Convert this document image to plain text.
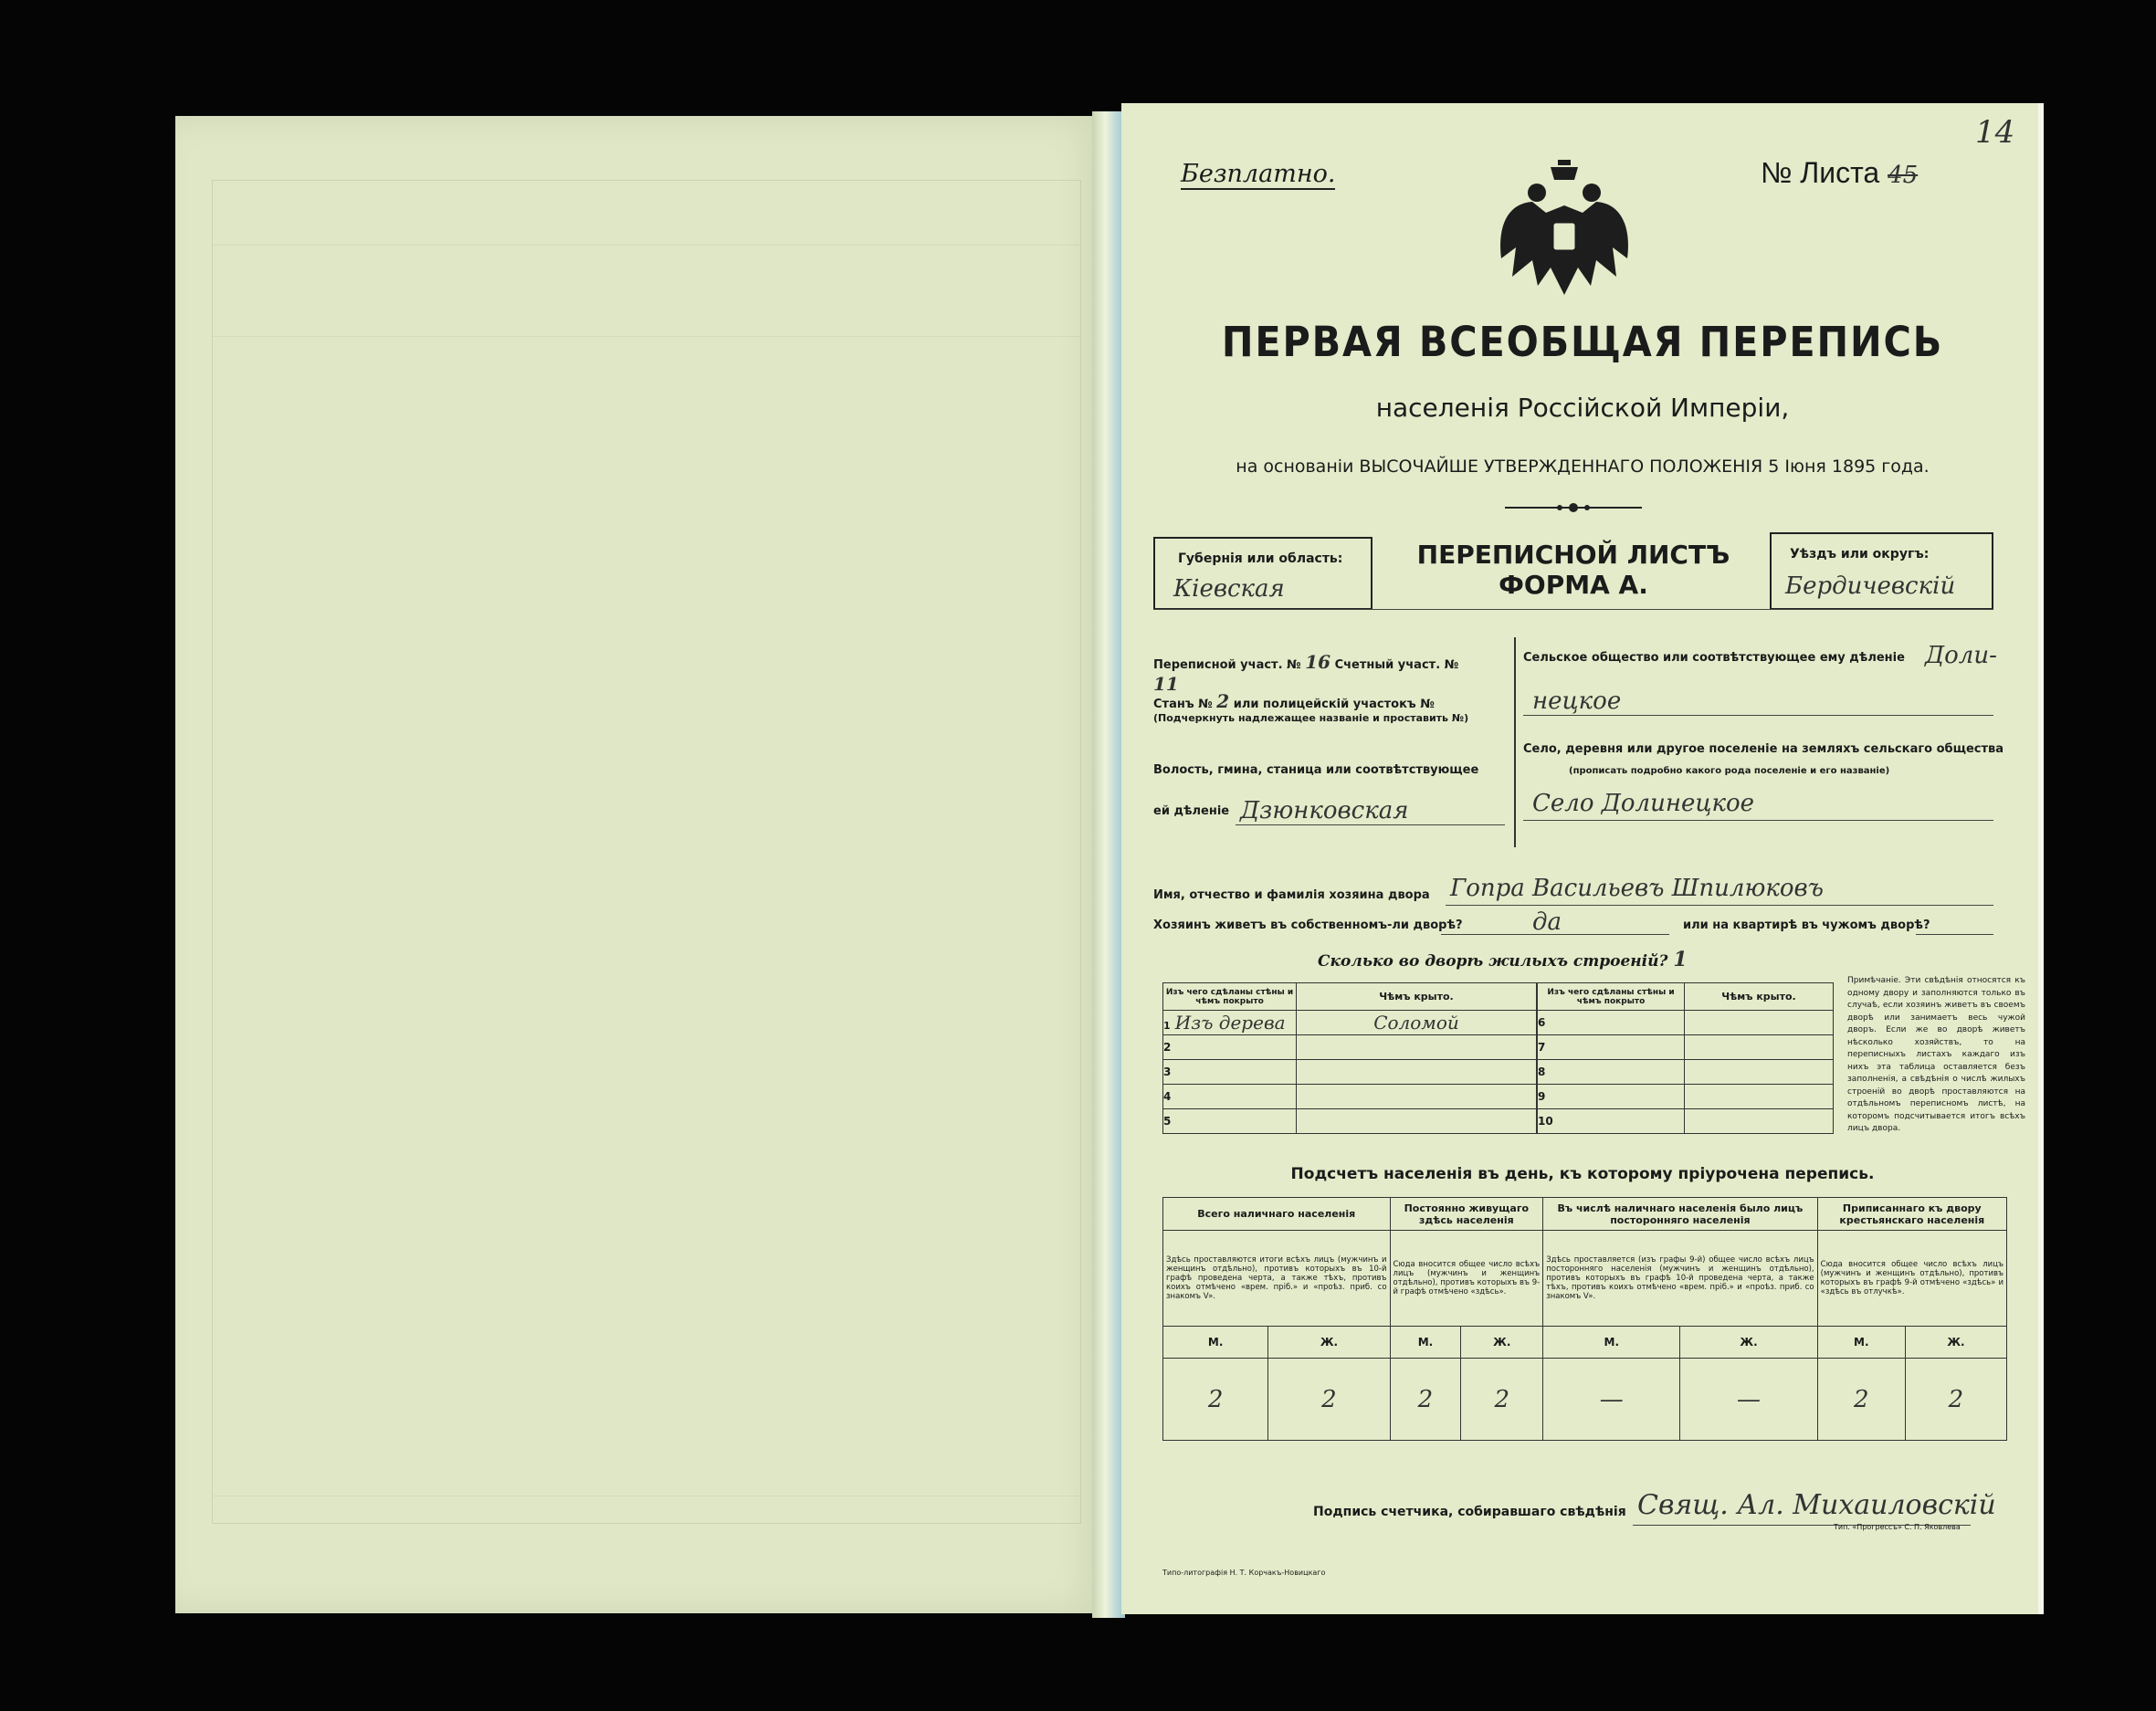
Безплатно.	№ Листа 45
14
ПЕРВАЯ ВСЕОБЩАЯ ПЕРЕПИСЬ
населенія Россійской Имперіи,
на основаніи ВЫСОЧАЙШЕ УТВЕРЖДЕННАГО ПОЛОЖЕНІЯ 5 Іюня 1895 года.
Губернія или область:
Кіевская
ПЕРЕПИСНОЙ ЛИСТЪ
ФОРМА А.
Уѣздъ или округъ:
Бердичевскій
Переписной участ. № 16 Счетный участ. № 11
Станъ № 2 или полицейскій участокъ №
(Подчеркнуть надлежащее названіе и проставить №)
Волость, гмина, станица или соотвѣтствующее
ей дѣленіе Дзюнковская
Сельское общество или соотвѣтствующее ему дѣленіе Доли-
нецкое
Село, деревня или другое поселеніе на земляхъ сельскаго общества
(прописать подробно какого рода поселеніе и его названіе)
Село Долинецкое
Имя, отчество и фамилія хозяина двора Гопра Васильевъ Шпилюковъ
Хозяинъ живетъ въ собственномъ-ли дворѣ?	да	или на квартирѣ въ чужомъ дворѣ?
Сколько во дворѣ жилыхъ строеній? 1
Изъ чего сдѣланы стѣны и чѣмъ покрыто	Чѣмъ крыто.
1 Изъ дерева	Соломой
2	
3	
4	
5	
Изъ чего сдѣланы стѣны и чѣмъ покрыто	Чѣмъ крыто.
6	
7	
8	
9	
10	
Примѣчаніе. Эти свѣдѣнія относятся къ одному двору и заполняются только въ случаѣ, если хозяинъ живетъ въ своемъ дворѣ или занимаетъ весь чужой дворъ. Если же во дворѣ живетъ нѣсколько хозяйствъ, то на переписныхъ листахъ каждаго изъ нихъ эта таблица оставляется безъ заполненія, а свѣдѣнія о числѣ жилыхъ строеній во дворѣ проставляются на отдѣльномъ переписномъ листѣ, на которомъ подсчитывается итогъ всѣхъ лицъ двора.
Подсчетъ населенія въ день, къ которому пріурочена перепись.
Всего наличнаго населенія		Постоянно живущаго здѣсь населенія		Въ числѣ наличнаго населенія было лицъ посторонняго населенія		Приписаннаго къ двору крестьянскаго населенія	
Здѣсь проставляются итоги всѣхъ лицъ (мужчинъ и женщинъ отдѣльно), противъ которыхъ въ 10-й графѣ проведена черта, а также тѣхъ, противъ коихъ отмѣчено «врем. пріб.» и «проѣз. приб. со знакомъ V».		Сюда вносится общее число всѣхъ лицъ (мужчинъ и женщинъ отдѣльно), противъ которыхъ въ 9-й графѣ отмѣчено «здѣсь».		Здѣсь проставляется (изъ графы 9-й) общее число всѣхъ лицъ посторонняго населенія (мужчинъ и женщинъ отдѣльно), противъ которыхъ въ графѣ 10-й проведена черта, а также тѣхъ, противъ коихъ отмѣчено «врем. пріб.» и «проѣз. приб. со знакомъ V».		Сюда вносится общее число всѣхъ лицъ (мужчинъ и женщинъ отдѣльно), противъ которыхъ въ графѣ 9-й отмѣчено «здѣсь» и «здѣсь въ отлучкѣ».	
М.	Ж.	М.	Ж.	М.	Ж.	М.	Ж.
2	2	2	2	—	—	2	2
Подпись счетчика, собиравшаго свѣдѣнія Свящ. Ал. Михаиловскій
Типо-литографія Н. Т. Корчакъ-Новицкаго
Тип. «Прогрессъ» С. П. Яковлева
